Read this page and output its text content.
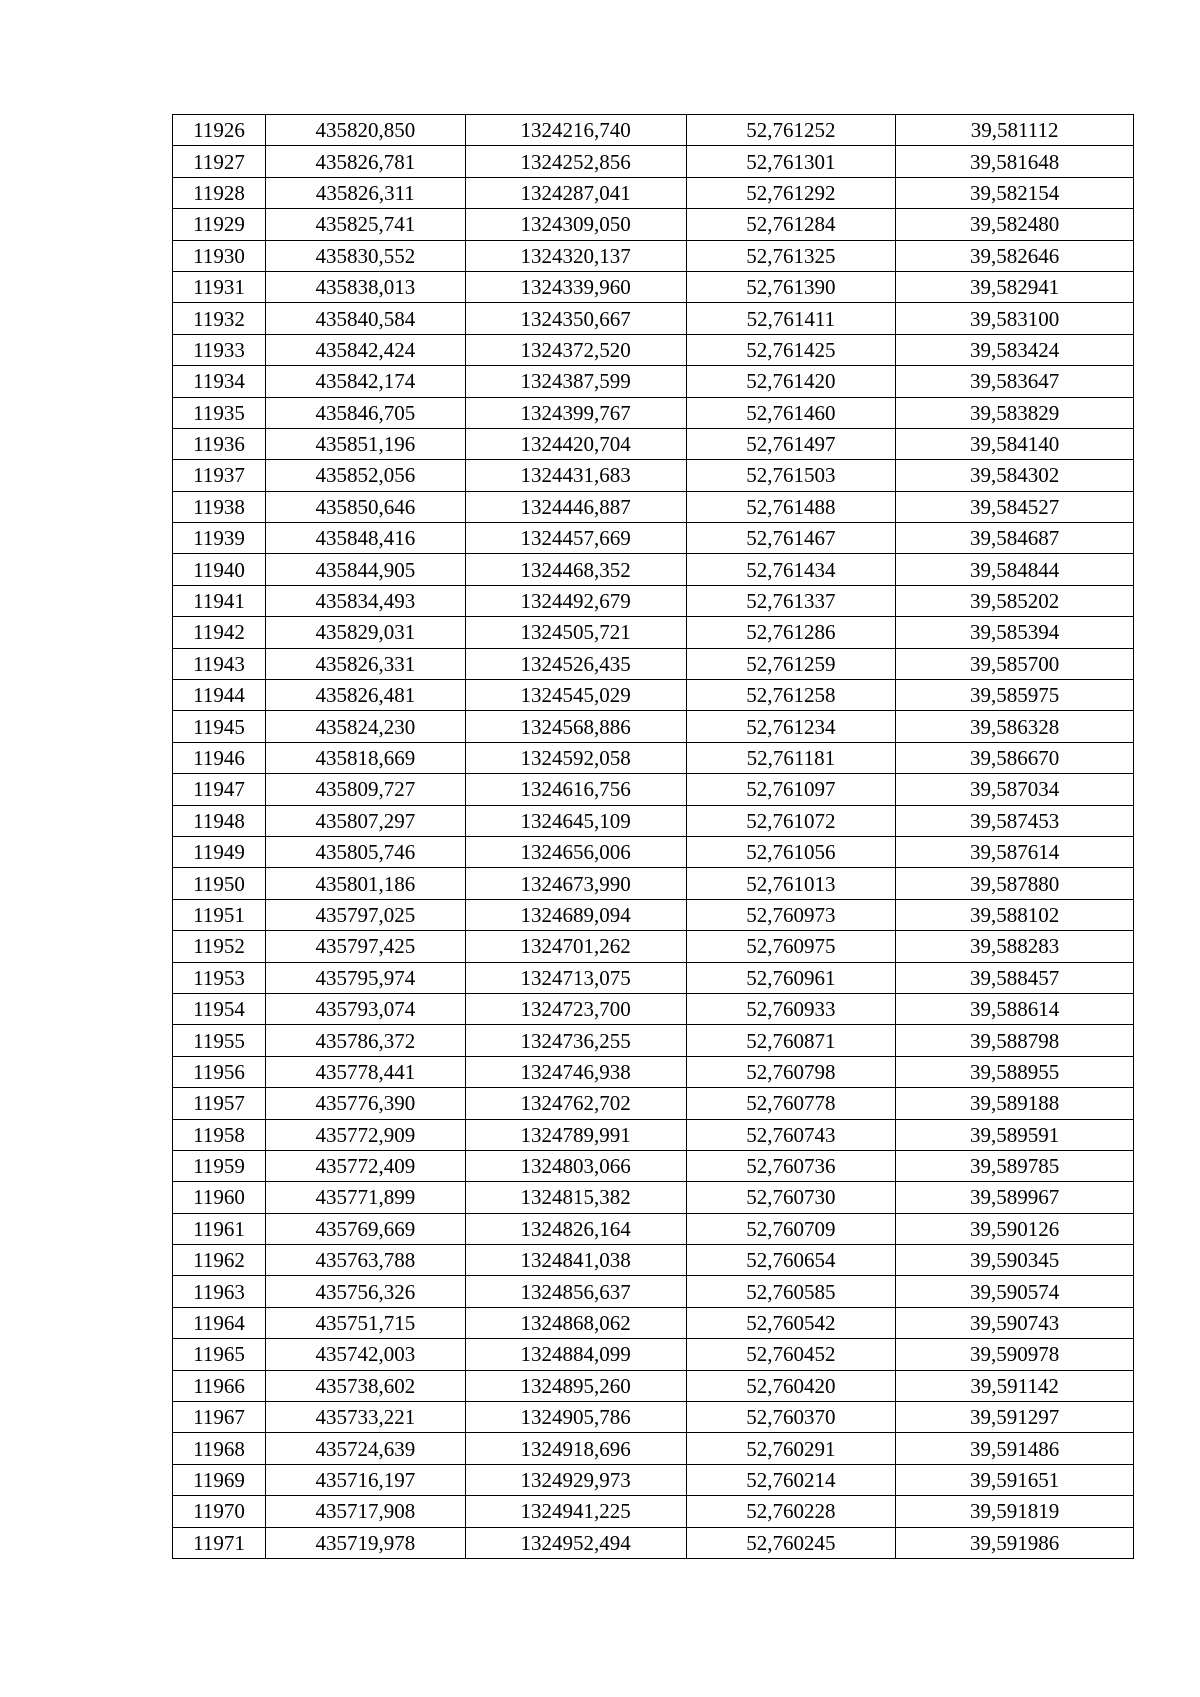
11926	435820,850	1324216,740	52,761252	39,581112
11927	435826,781	1324252,856	52,761301	39,581648
11928	435826,311	1324287,041	52,761292	39,582154
11929	435825,741	1324309,050	52,761284	39,582480
11930	435830,552	1324320,137	52,761325	39,582646
11931	435838,013	1324339,960	52,761390	39,582941
11932	435840,584	1324350,667	52,761411	39,583100
11933	435842,424	1324372,520	52,761425	39,583424
11934	435842,174	1324387,599	52,761420	39,583647
11935	435846,705	1324399,767	52,761460	39,583829
11936	435851,196	1324420,704	52,761497	39,584140
11937	435852,056	1324431,683	52,761503	39,584302
11938	435850,646	1324446,887	52,761488	39,584527
11939	435848,416	1324457,669	52,761467	39,584687
11940	435844,905	1324468,352	52,761434	39,584844
11941	435834,493	1324492,679	52,761337	39,585202
11942	435829,031	1324505,721	52,761286	39,585394
11943	435826,331	1324526,435	52,761259	39,585700
11944	435826,481	1324545,029	52,761258	39,585975
11945	435824,230	1324568,886	52,761234	39,586328
11946	435818,669	1324592,058	52,761181	39,586670
11947	435809,727	1324616,756	52,761097	39,587034
11948	435807,297	1324645,109	52,761072	39,587453
11949	435805,746	1324656,006	52,761056	39,587614
11950	435801,186	1324673,990	52,761013	39,587880
11951	435797,025	1324689,094	52,760973	39,588102
11952	435797,425	1324701,262	52,760975	39,588283
11953	435795,974	1324713,075	52,760961	39,588457
11954	435793,074	1324723,700	52,760933	39,588614
11955	435786,372	1324736,255	52,760871	39,588798
11956	435778,441	1324746,938	52,760798	39,588955
11957	435776,390	1324762,702	52,760778	39,589188
11958	435772,909	1324789,991	52,760743	39,589591
11959	435772,409	1324803,066	52,760736	39,589785
11960	435771,899	1324815,382	52,760730	39,589967
11961	435769,669	1324826,164	52,760709	39,590126
11962	435763,788	1324841,038	52,760654	39,590345
11963	435756,326	1324856,637	52,760585	39,590574
11964	435751,715	1324868,062	52,760542	39,590743
11965	435742,003	1324884,099	52,760452	39,590978
11966	435738,602	1324895,260	52,760420	39,591142
11967	435733,221	1324905,786	52,760370	39,591297
11968	435724,639	1324918,696	52,760291	39,591486
11969	435716,197	1324929,973	52,760214	39,591651
11970	435717,908	1324941,225	52,760228	39,591819
11971	435719,978	1324952,494	52,760245	39,591986
